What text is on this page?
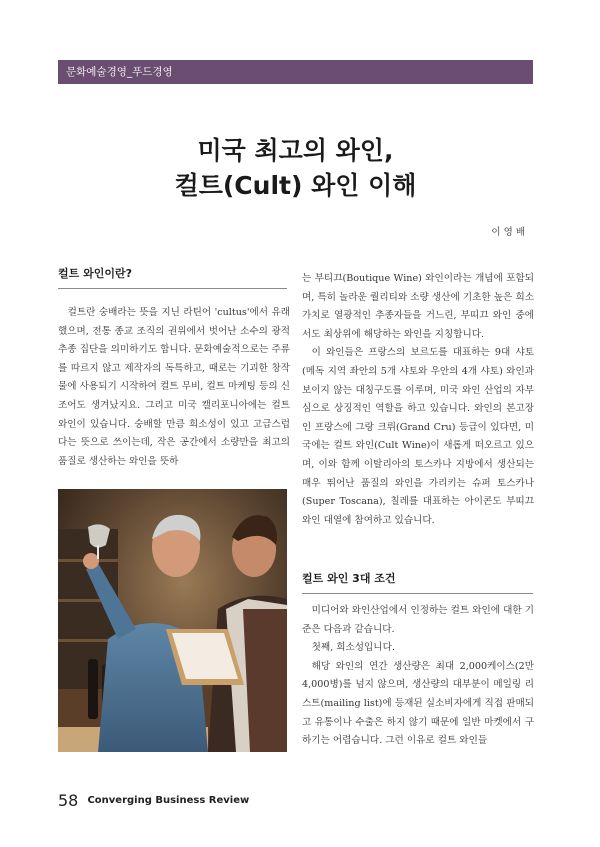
문화예술경영_푸드경영
미국 최고의 와인,
컬트(Cult) 와인 이해
이 영 배
컬트 와인이란?

컬트란 숭배라는 뜻을 지닌 라틴어 'cultus'에서 유래했으며, 전통 종교 조직의 권위에서 벗어난 소수의 광적 추종 집단을 의미하기도 합니다. 문화예술적으로는 주류를 따르지 않고 제작자의 독특하고, 때로는 기괴한 창작물에 사용되기 시작하여 컬트 무비, 컬트 마케팅 등의 신조어도 생겨났지요. 그리고 미국 캘리포니아에는 컬트 와인이 있습니다. 숭배할 만큼 희소성이 있고 고급스럽다는 뜻으로 쓰이는데, 작은 공간에서 소량만을 최고의 품질로 생산하는 와인을 뜻하

는 부티끄(Boutique Wine) 와인이라는 개념에 포함되며, 특히 놀라운 퀄리티와 소량 생산에 기초한 높은 희소가치로 열광적인 추종자들을 거느린, 부띠끄 와인 중에서도 최상위에 해당하는 와인을 지칭합니다.

이 와인들은 프랑스의 보르도를 대표하는 9대 샤토(메독 지역 좌안의 5개 샤토와 우안의 4개 샤토) 와인과 보이지 않는 대칭구도를 이루며, 미국 와인 산업의 자부심으로 상징적인 역할을 하고 있습니다. 와인의 본고장인 프랑스에 그랑 크뤼(Grand Cru) 등급이 있다면, 미국에는 컬트 와인(Cult Wine)이 새롭게 떠오르고 있으며, 이와 함께 이탈리아의 토스카나 지방에서 생산되는 매우 뛰어난 품질의 와인을 가리키는 슈퍼 토스카나(Super Toscana), 칠레를 대표하는 아이콘도 부띠끄 와인 대열에 참여하고 있습니다.

컬트 와인 3대 조건

미디어와 와인산업에서 인정하는 컬트 와인에 대한 기준은 다음과 같습니다.

첫째, 희소성입니다.

해당 와인의 연간 생산량은 최대 2,000케이스(2만 4,000병)를 넘지 않으며, 생산량의 대부분이 메일링 리스트(mailing list)에 등재된 실소비자에게 직접 판매되고 유통이나 수출은 하지 않기 때문에 일반 마켓에서 구하기는 어렵습니다. 그런 이유로 컬트 와인들

58 Converging Business Review
